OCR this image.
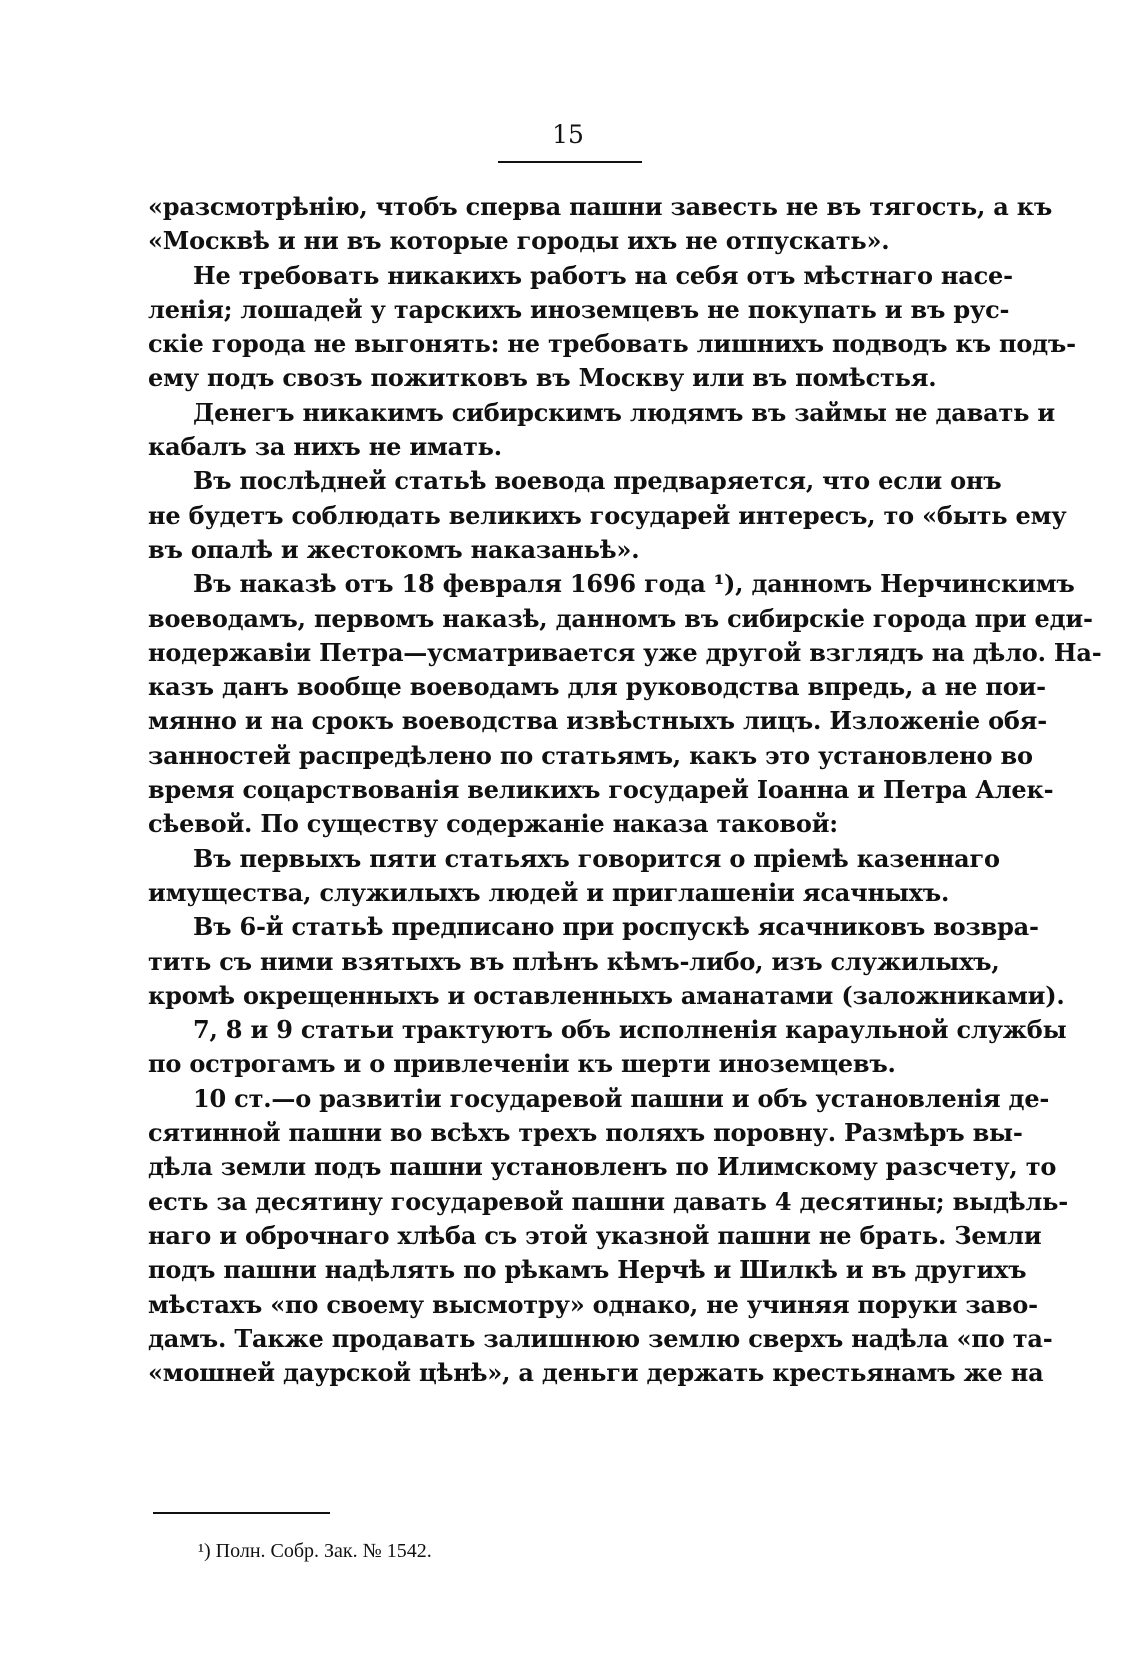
15
«разсмотрѣнію, чтобъ сперва пашни завесть не въ тягость, а къ
«Москвѣ и ни въ которые городы ихъ не отпускать».
Не требовать никакихъ работъ на себя отъ мѣстнаго насе-
ленія; лошадей у тарскихъ иноземцевъ не покупать и въ рус-
скіе города не выгонять: не требовать лишнихъ подводъ къ подъ-
ему подъ свозъ пожитковъ въ Москву или въ помѣстья.
Денегъ никакимъ сибирскимъ людямъ въ займы не давать и
кабалъ за нихъ не имать.
Въ послѣдней статьѣ воевода предваряется, что если онъ
не будетъ соблюдать великихъ государей интересъ, то «быть ему
въ опалѣ и жестокомъ наказаньѣ».
Въ наказѣ отъ 18 февраля 1696 года ¹), данномъ Нерчинскимъ
воеводамъ, первомъ наказѣ, данномъ въ сибирскіе города при еди-
нодержавіи Петра—усматривается уже другой взглядъ на дѣло. На-
казъ данъ вообще воеводамъ для руководства впредь, а не пои-
мянно и на срокъ воеводства извѣстныхъ лицъ. Изложеніе обя-
занностей распредѣлено по статьямъ, какъ это установлено во
время соцарствованія великихъ государей Іоанна и Петра Алек-
сѣевой. По существу содержаніе наказа таковой:
Въ первыхъ пяти статьяхъ говорится о пріемѣ казеннаго
имущества, служилыхъ людей и приглашеніи ясачныхъ.
Въ 6-й статьѣ предписано при роспускѣ ясачниковъ возвра-
тить съ ними взятыхъ въ плѣнъ кѣмъ-либо, изъ служилыхъ,
кромѣ окрещенныхъ и оставленныхъ аманатами (заложниками).
7, 8 и 9 статьи трактуютъ объ исполненія караульной службы
по острогамъ и о привлеченіи къ шерти иноземцевъ.
10 ст.—о развитіи государевой пашни и объ установленія де-
сятинной пашни во всѣхъ трехъ поляхъ поровну. Размѣръ вы-
дѣла земли подъ пашни установленъ по Илимскому разсчету, то
есть за десятину государевой пашни давать 4 десятины; выдѣль-
наго и оброчнаго хлѣба съ этой указной пашни не брать. Земли
подъ пашни надѣлять по рѣкамъ Нерчѣ и Шилкѣ и въ другихъ
мѣстахъ «по своему высмотру» однако, не учиняя поруки заво-
дамъ. Также продавать залишнюю землю сверхъ надѣла «по та-
«мошней даурской цѣнѣ», а деньги держать крестьянамъ же на
¹) Полн. Собр. Зак. № 1542.
